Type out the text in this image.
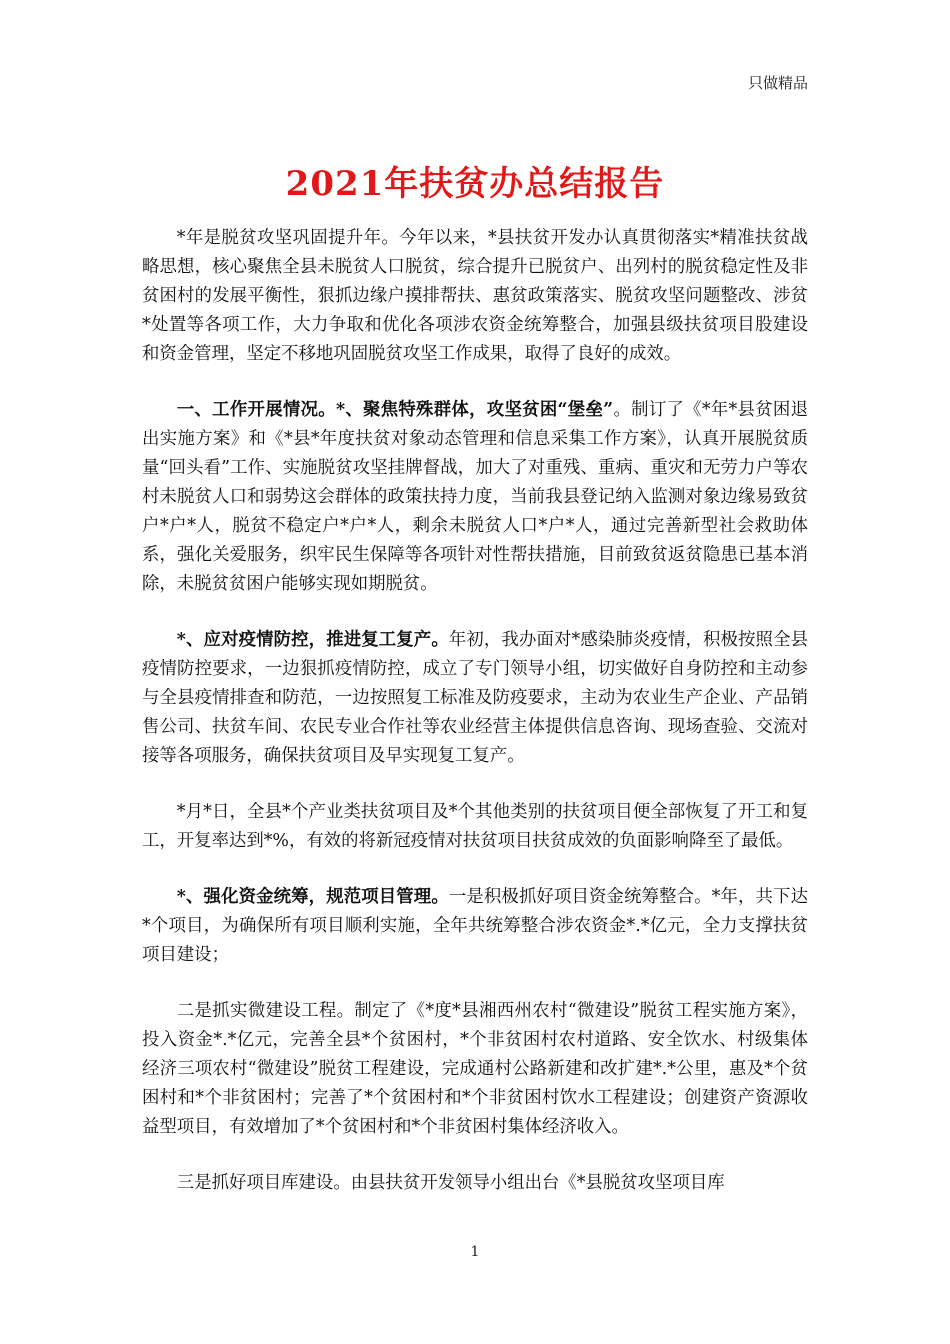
只做精品
2021年扶贫办总结报告

*年是脱贫攻坚巩固提升年。今年以来，*县扶贫开发办认真贯彻落实*精准扶贫战略思想，核心聚焦全县未脱贫人口脱贫，综合提升已脱贫户、出列村的脱贫稳定性及非贫困村的发展平衡性，狠抓边缘户摸排帮扶、惠贫政策落实、脱贫攻坚问题整改、涉贫*处置等各项工作，大力争取和优化各项涉农资金统筹整合，加强县级扶贫项目股建设和资金管理，坚定不移地巩固脱贫攻坚工作成果，取得了良好的成效。

一、工作开展情况。*、聚焦特殊群体，攻坚贫困“堡垒”。制订了《*年*县贫困退出实施方案》和《*县*年度扶贫对象动态管理和信息采集工作方案》，认真开展脱贫质量“回头看”工作、实施脱贫攻坚挂牌督战，加大了对重残、重病、重灾和无劳力户等农村未脱贫人口和弱势这会群体的政策扶持力度，当前我县登记纳入监测对象边缘易致贫户*户*人，脱贫不稳定户*户*人，剩余未脱贫人口*户*人，通过完善新型社会救助体系，强化关爱服务，织牢民生保障等各项针对性帮扶措施，目前致贫返贫隐患已基本消除，未脱贫贫困户能够实现如期脱贫。

*、应对疫情防控，推进复工复产。年初，我办面对*感染肺炎疫情，积极按照全县疫情防控要求，一边狠抓疫情防控，成立了专门领导小组，切实做好自身防控和主动参与全县疫情排查和防范，一边按照复工标准及防疫要求，主动为农业生产企业、产品销售公司、扶贫车间、农民专业合作社等农业经营主体提供信息咨询、现场查验、交流对接等各项服务，确保扶贫项目及早实现复工复产。

*月*日，全县*个产业类扶贫项目及*个其他类别的扶贫项目便全部恢复了开工和复工，开复率达到*%，有效的将新冠疫情对扶贫项目扶贫成效的负面影响降至了最低。

*、强化资金统筹，规范项目管理。一是积极抓好项目资金统筹整合。*年，共下达*个项目，为确保所有项目顺利实施，全年共统筹整合涉农资金*.*亿元，全力支撑扶贫项目建设；

二是抓实微建设工程。制定了《*度*县湘西州农村“微建设”脱贫工程实施方案》，投入资金*.*亿元，完善全县*个贫困村，*个非贫困村农村道路、安全饮水、村级集体经济三项农村“微建设”脱贫工程建设，完成通村公路新建和改扩建*.*公里，惠及*个贫困村和*个非贫困村；完善了*个贫困村和*个非贫困村饮水工程建设；创建资产资源收益型项目，有效增加了*个贫困村和*个非贫困村集体经济收入。

三是抓好项目库建设。由县扶贫开发领导小组出台《*县脱贫攻坚项目库

1
